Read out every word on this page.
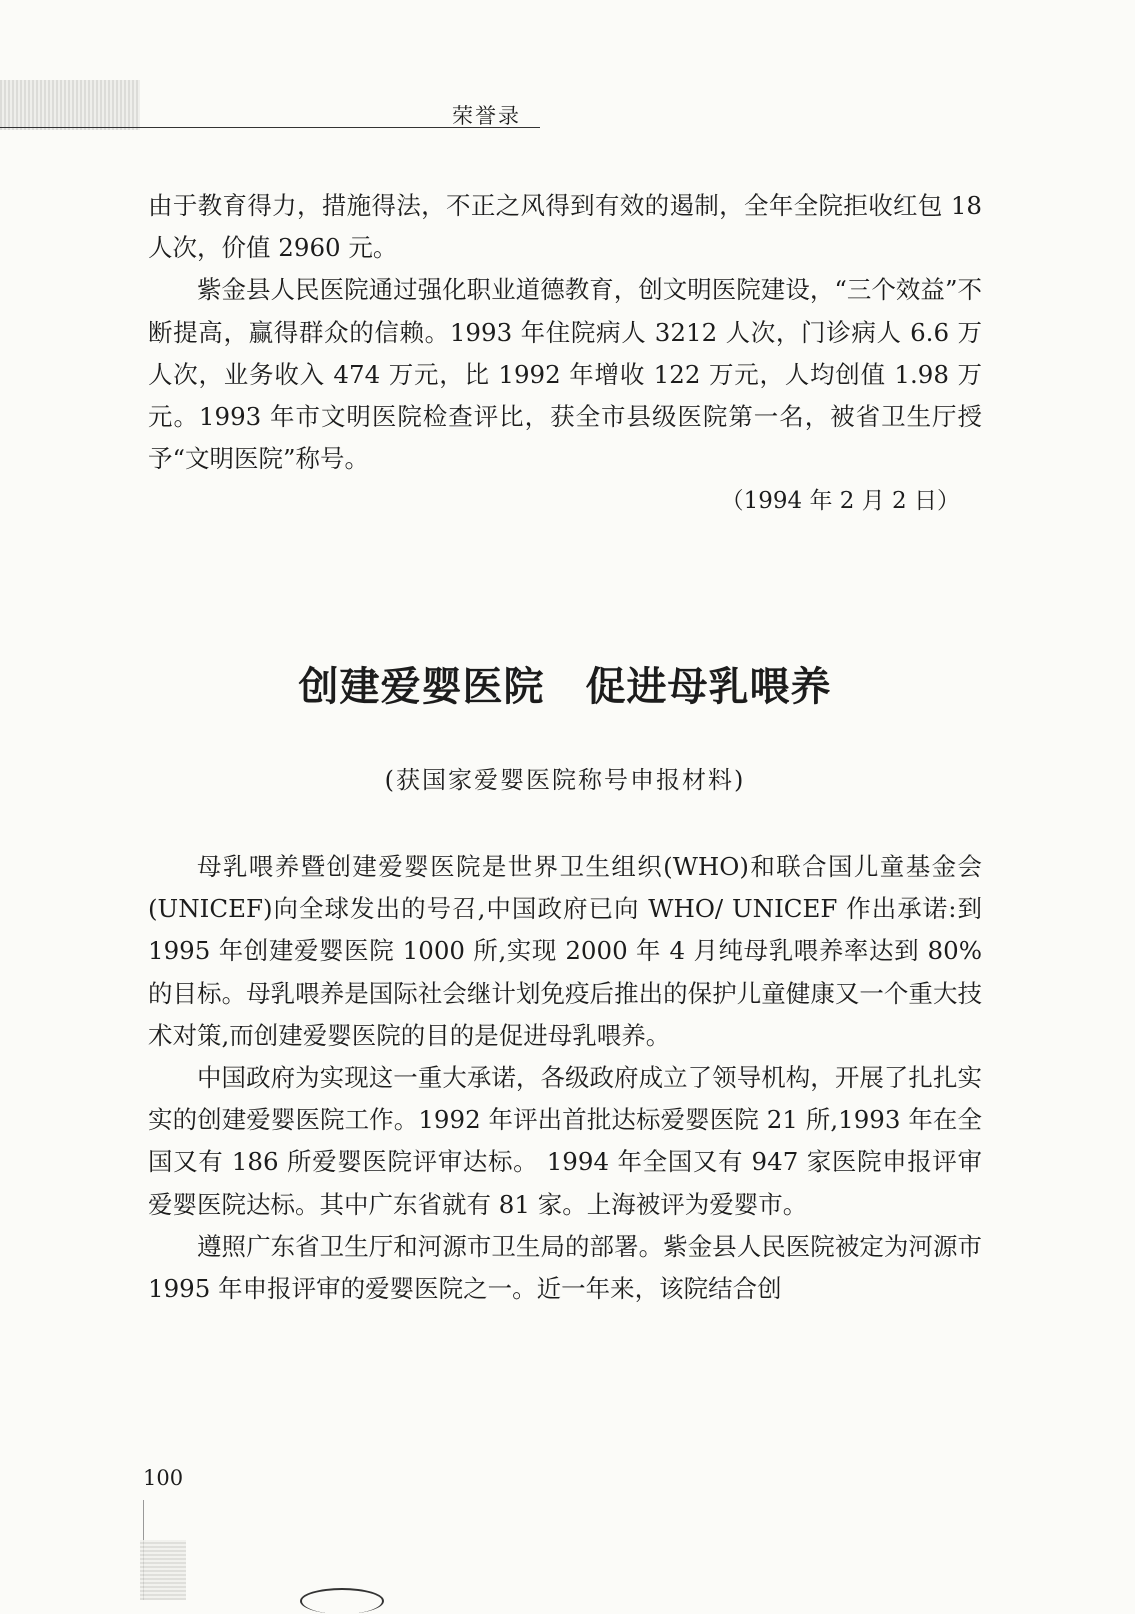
荣誉录

由于教育得力，措施得法，不正之风得到有效的遏制，全年全院拒收红包 18 人次，价值 2960 元。

紫金县人民医院通过强化职业道德教育，创文明医院建设，“三个效益”不断提高，赢得群众的信赖。1993 年住院病人 3212 人次，门诊病人 6.6 万人次，业务收入 474 万元，比 1992 年增收 122 万元，人均创值 1.98 万元。1993 年市文明医院检查评比，获全市县级医院第一名，被省卫生厅授予“文明医院”称号。

（1994 年 2 月 2 日）

创建爱婴医院　促进母乳喂养

(获国家爱婴医院称号申报材料)

母乳喂养暨创建爱婴医院是世界卫生组织(WHO)和联合国儿童基金会(UNICEF)向全球发出的号召,中国政府已向 WHO/ UNICEF 作出承诺:到 1995 年创建爱婴医院 1000 所,实现 2000 年 4 月纯母乳喂养率达到 80%的目标。母乳喂养是国际社会继计划免疫后推出的保护儿童健康又一个重大技术对策,而创建爱婴医院的目的是促进母乳喂养。

中国政府为实现这一重大承诺，各级政府成立了领导机构，开展了扎扎实实的创建爱婴医院工作。1992 年评出首批达标爱婴医院 21 所,1993 年在全国又有 186 所爱婴医院评审达标。 1994 年全国又有 947 家医院申报评审爱婴医院达标。其中广东省就有 81 家。上海被评为爱婴市。

遵照广东省卫生厅和河源市卫生局的部署。紫金县人民医院被定为河源市 1995 年申报评审的爱婴医院之一。近一年来，该院结合创

100
